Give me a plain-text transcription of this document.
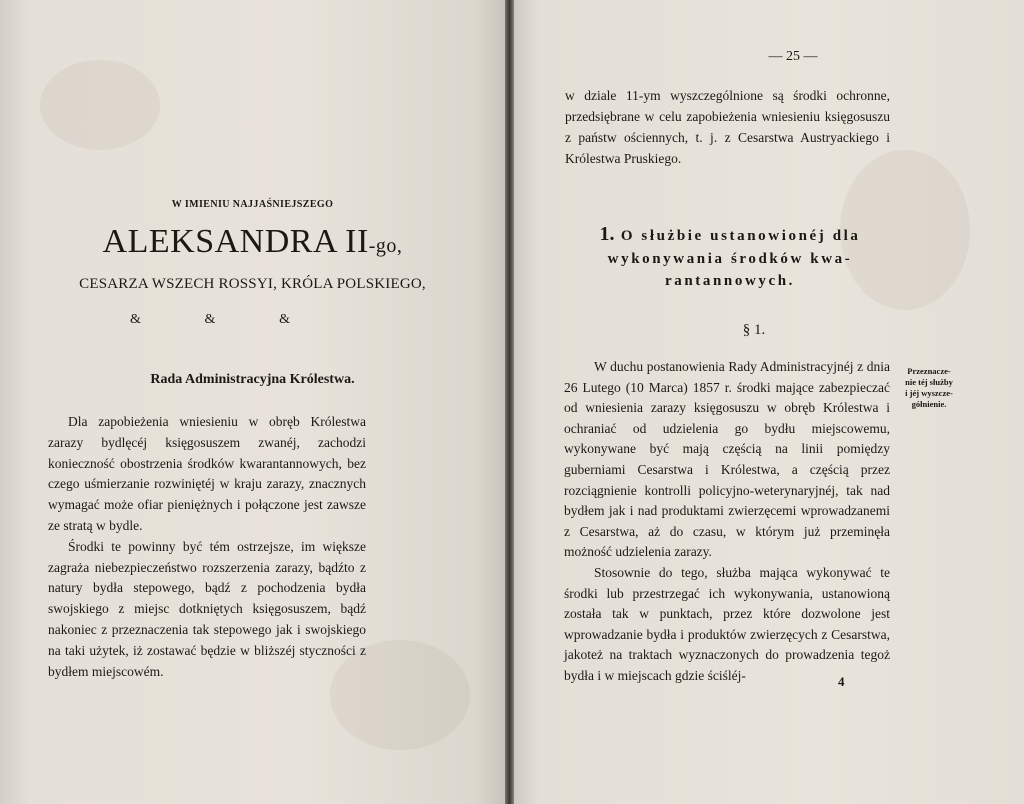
W IMIENIU NAJJAŚNIEJSZEGO
ALEKSANDRA II-go,
CESARZA WSZECH ROSSYI, KRÓLA POLSKIEGO,
&	&	&
Rada Administracyjna Królestwa.

Dla zapobieżenia wniesieniu w obręb Królestwa zarazy bydlęcéj księgosuszem zwanéj, zachodzi konieczność obostrzenia środków kwarantannowych, bez czego uśmierzanie rozwiniętéj w kraju zarazy, znacznych wymagać może ofiar pieniężnych i połączone jest zawsze ze stratą w bydle.

Środki te powinny być tém ostrzejsze, im większe zagraża niebezpieczeństwo rozszerzenia zarazy, bądźto z natury bydła stepowego, bądź z pochodzenia bydła swojskiego z miejsc dotkniętych księgosuszem, bądź nakoniec z przeznaczenia tak stepowego jak i swojskiego na taki użytek, iż zostawać będzie w bliższéj styczności z bydłem miejscowém.

— 25 —

w dziale 11-ym wyszczególnione są środki ochronne, przedsiębrane w celu zapobieżenia wniesieniu księgosuszu z państw ościennych, t. j. z Cesarstwa Austryackiego i Królestwa Pruskiego.

1. O służbie ustanowionéj dla

wykonywania środków kwa-

rantannowych.

§ 1.

W duchu postanowienia Rady Administracyjnéj z dnia 26 Lutego (10 Marca) 1857 r. środki mające zabezpieczać od wniesienia zarazy księgosuszu w obręb Królestwa i ochraniać od udzielenia go bydłu miejscowemu, wykonywane być mają częścią na linii pomiędzy guberniami Cesarstwa i Królestwa, a częścią przez rozciągnienie kontrolli policyjno-weterynaryjnéj, tak nad bydłem jak i nad produktami zwierzęcemi wprowadzanemi z Cesarstwa, aż do czasu, w którym już przeminęła możność udzielenia zarazy.

Stosownie do tego, służba mająca wykonywać te środki lub przestrzegać ich wykonywania, ustanowioną została tak w punktach, przez które dozwolone jest wprowadzanie bydła i produktów zwierzęcych z Cesarstwa, jakoteż na traktach wyznaczonych do prowadzenia tegoż bydła i w miejscach gdzie ściśléj-

Przeznacze-

nie téj służby

i jéj wyszcze-

gółnienie.

4
